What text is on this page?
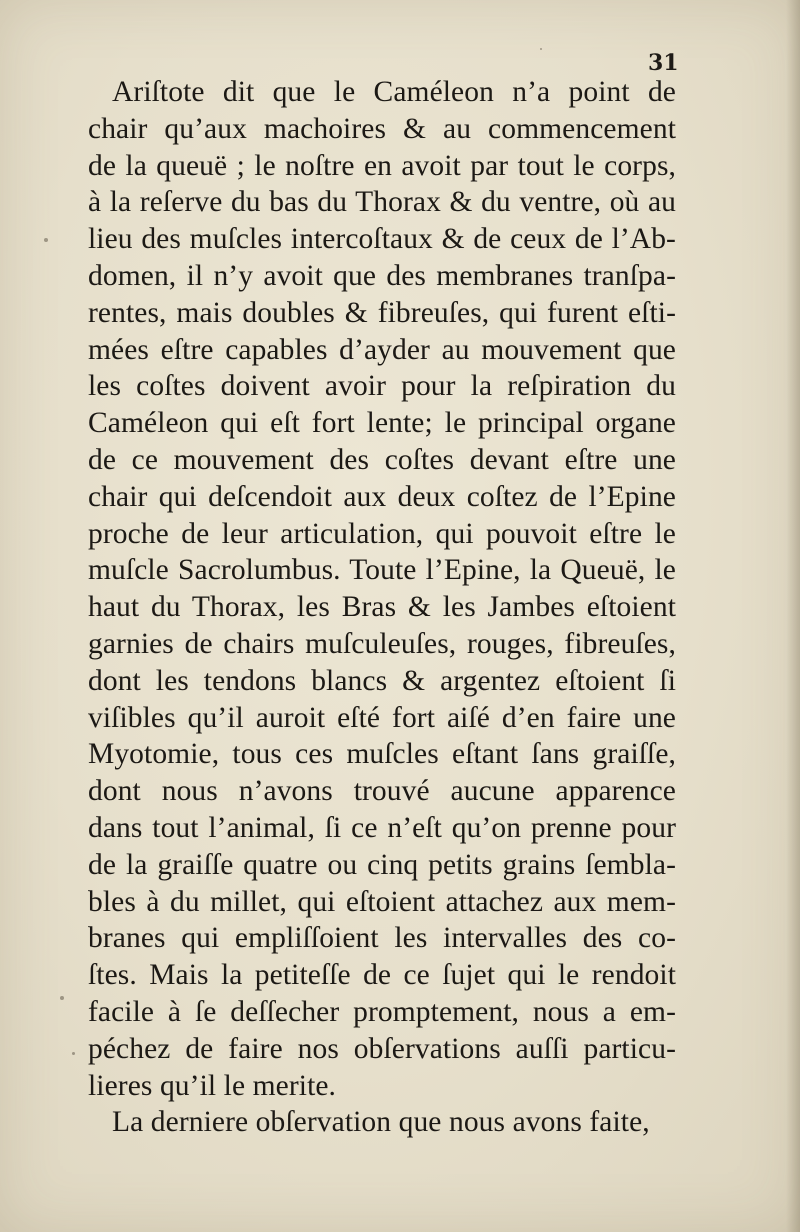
31
Ariſtote dit que le Caméleon n’a point de
chair qu’aux machoires & au commencement
de la queuë ; le noſtre en avoit par tout le corps,
à la reſerve du bas du Thorax & du ventre, où au
lieu des muſcles intercoſtaux & de ceux de l’Ab-
domen, il n’y avoit que des membranes tranſpa-
rentes, mais doubles & fibreuſes, qui furent eſti-
mées eſtre capables d’ayder au mouvement que
les coſtes doivent avoir pour la reſpiration du
Caméleon qui eſt fort lente; le principal organe
de ce mouvement des coſtes devant eſtre une
chair qui deſcendoit aux deux coſtez de l’Epine
proche de leur articulation, qui pouvoit eſtre le
muſcle Sacrolumbus. Toute l’Epine, la Queuë, le
haut du Thorax, les Bras & les Jambes eſtoient
garnies de chairs muſculeuſes, rouges, fibreuſes,
dont les tendons blancs & argentez eſtoient ſi
viſibles qu’il auroit eſté fort aiſé d’en faire une
Myotomie, tous ces muſcles eſtant ſans graiſſe,
dont nous n’avons trouvé aucune apparence
dans tout l’animal, ſi ce n’eſt qu’on prenne pour
de la graiſſe quatre ou cinq petits grains ſembla-
bles à du millet, qui eſtoient attachez aux mem-
branes qui empliſſoient les intervalles des co-
ſtes. Mais la petiteſſe de ce ſujet qui le rendoit
facile à ſe deſſecher promptement, nous a em-
péchez de faire nos obſervations auſſi particu-
lieres qu’il le merite.
La derniere obſervation que nous avons faite,
